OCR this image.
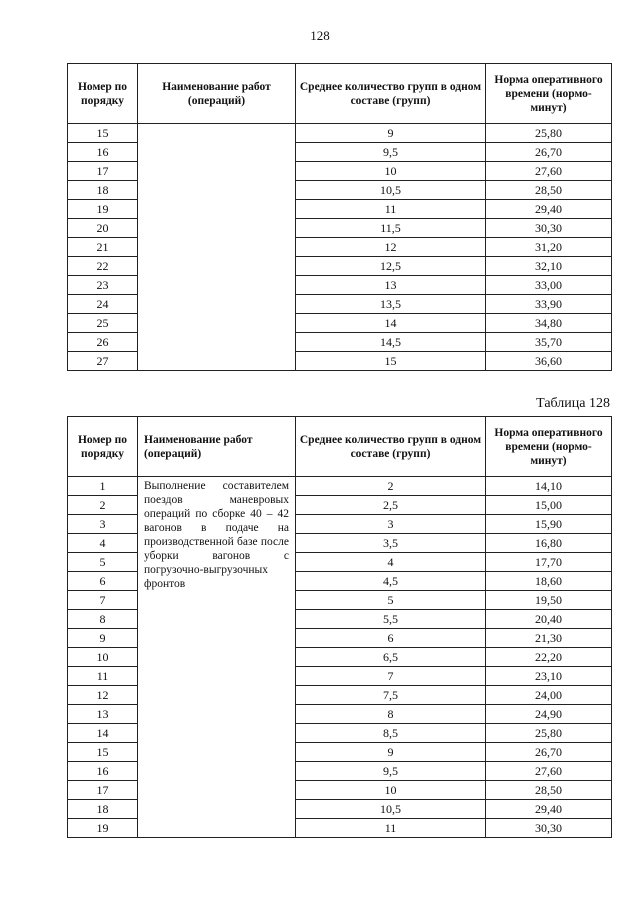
128
Номер по порядку	Наименование работ (операций)	Среднее количество групп в одном составе (групп)	Норма оперативного времени (нормо-минут)
15		9	25,80
16		9,5	26,70
17		10	27,60
18		10,5	28,50
19		11	29,40
20		11,5	30,30
21		12	31,20
22		12,5	32,10
23		13	33,00
24		13,5	33,90
25		14	34,80
26		14,5	35,70
27		15	36,60
Таблица 128
Номер по порядку	Наименование работ (операций)	Среднее количество групп в одном составе (групп)	Норма оперативного времени (нормо-минут)
1	Выполнение составителем поездов маневровых операций по сборке 40 – 42 вагонов в подаче на производственной базе после уборки вагонов с погрузочно-выгрузочных фронтов	2	14,10
2		2,5	15,00
3		3	15,90
4		3,5	16,80
5		4	17,70
6		4,5	18,60
7		5	19,50
8		5,5	20,40
9		6	21,30
10		6,5	22,20
11		7	23,10
12		7,5	24,00
13		8	24,90
14		8,5	25,80
15		9	26,70
16		9,5	27,60
17		10	28,50
18		10,5	29,40
19		11	30,30
